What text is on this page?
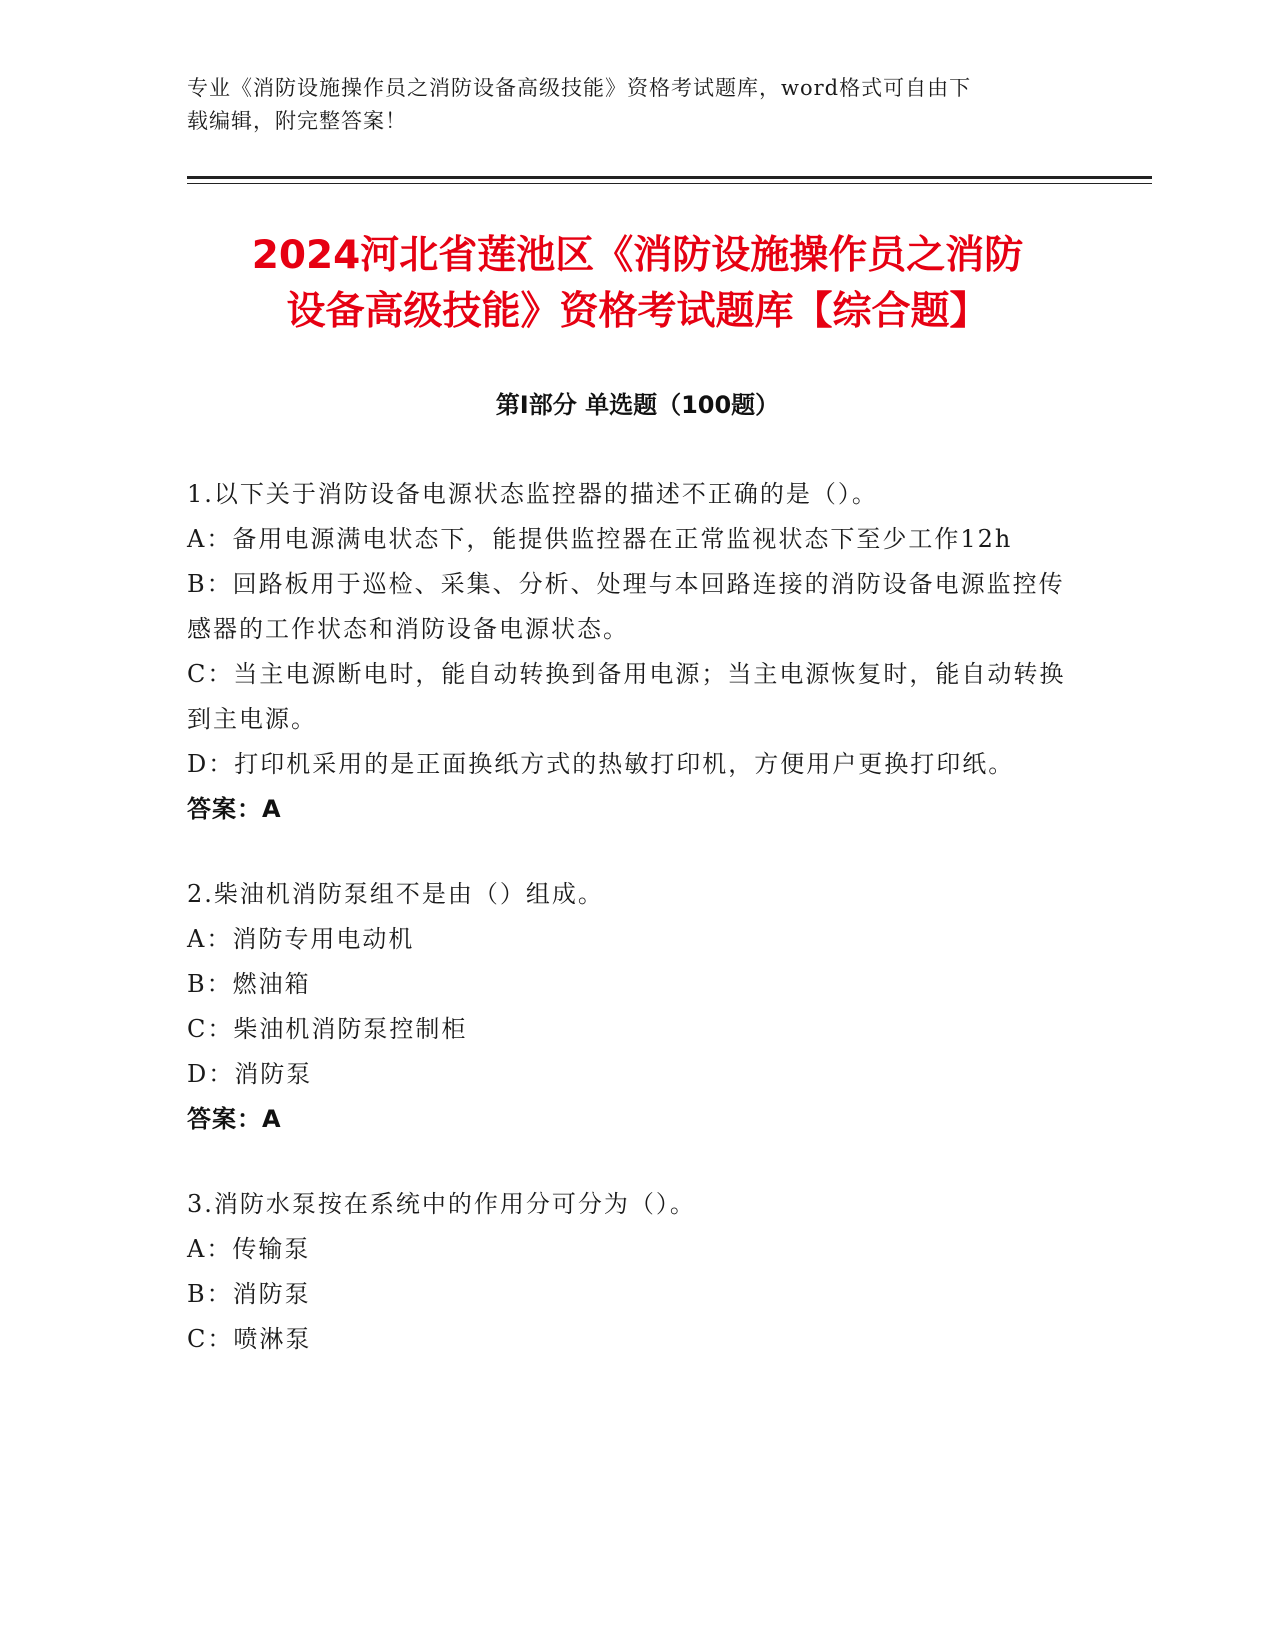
专业《消防设施操作员之消防设备高级技能》资格考试题库，word格式可自由下
载编辑，附完整答案！
2024河北省莲池区《消防设施操作员之消防
设备高级技能》资格考试题库【综合题】
第Ⅰ部分 单选题（100题）
1.以下关于消防设备电源状态监控器的描述不正确的是（）。
A：备用电源满电状态下，能提供监控器在正常监视状态下至少工作12h
B：回路板用于巡检、采集、分析、处理与本回路连接的消防设备电源监控传感器的工作状态和消防设备电源状态。
C：当主电源断电时，能自动转换到备用电源；当主电源恢复时，能自动转换到主电源。
D：打印机采用的是正面换纸方式的热敏打印机，方便用户更换打印纸。
答案：A
2.柴油机消防泵组不是由（）组成。
A：消防专用电动机
B：燃油箱
C：柴油机消防泵控制柜
D：消防泵
答案：A
3.消防水泵按在系统中的作用分可分为（）。
A：传输泵
B：消防泵
C：喷淋泵
